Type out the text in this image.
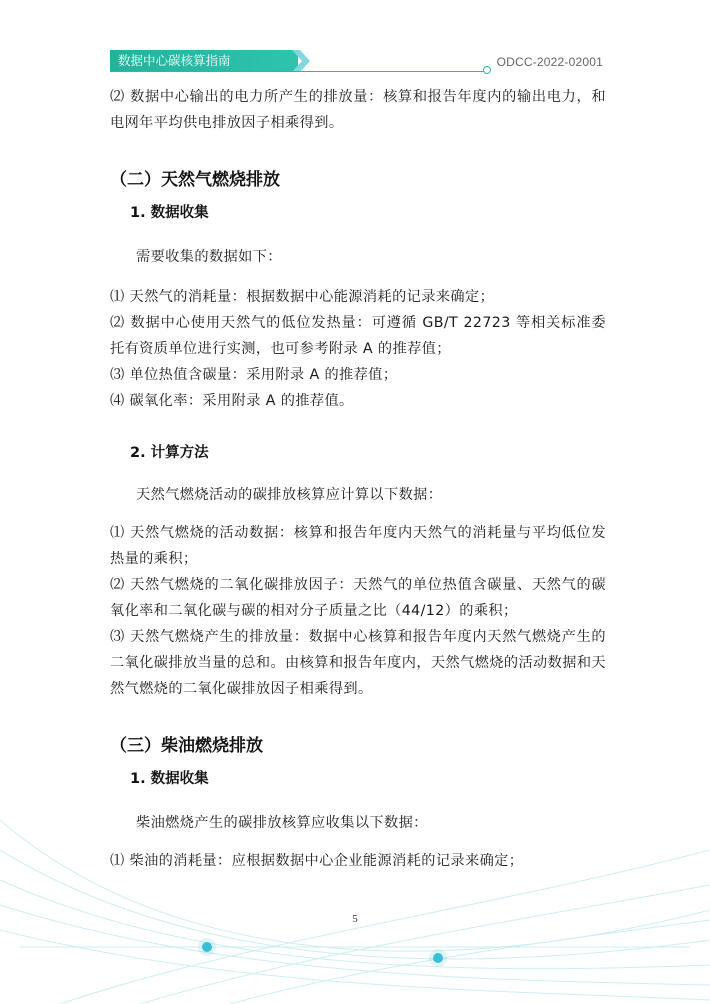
数据中心碳核算指南	ODCC-2022-02001

⑵ 数据中心输出的电力所产生的排放量：核算和报告年度内的输出电力，和电网年平均供电排放因子相乘得到。

（二）天然气燃烧排放

1. 数据收集

需要收集的数据如下：

⑴ 天然气的消耗量：根据数据中心能源消耗的记录来确定；

⑵ 数据中心使用天然气的低位发热量：可遵循 GB/T 22723 等相关标准委托有资质单位进行实测，也可参考附录 A 的推荐值；

⑶ 单位热值含碳量：采用附录 A 的推荐值；

⑷ 碳氧化率：采用附录 A 的推荐值。

2. 计算方法

天然气燃烧活动的碳排放核算应计算以下数据：

⑴ 天然气燃烧的活动数据：核算和报告年度内天然气的消耗量与平均低位发热量的乘积；

⑵ 天然气燃烧的二氧化碳排放因子：天然气的单位热值含碳量、天然气的碳氧化率和二氧化碳与碳的相对分子质量之比（44/12）的乘积；

⑶ 天然气燃烧产生的排放量：数据中心核算和报告年度内天然气燃烧产生的二氧化碳排放当量的总和。由核算和报告年度内，天然气燃烧的活动数据和天然气燃烧的二氧化碳排放因子相乘得到。

（三）柴油燃烧排放

1. 数据收集

柴油燃烧产生的碳排放核算应收集以下数据：

⑴ 柴油的消耗量：应根据数据中心企业能源消耗的记录来确定；

5
